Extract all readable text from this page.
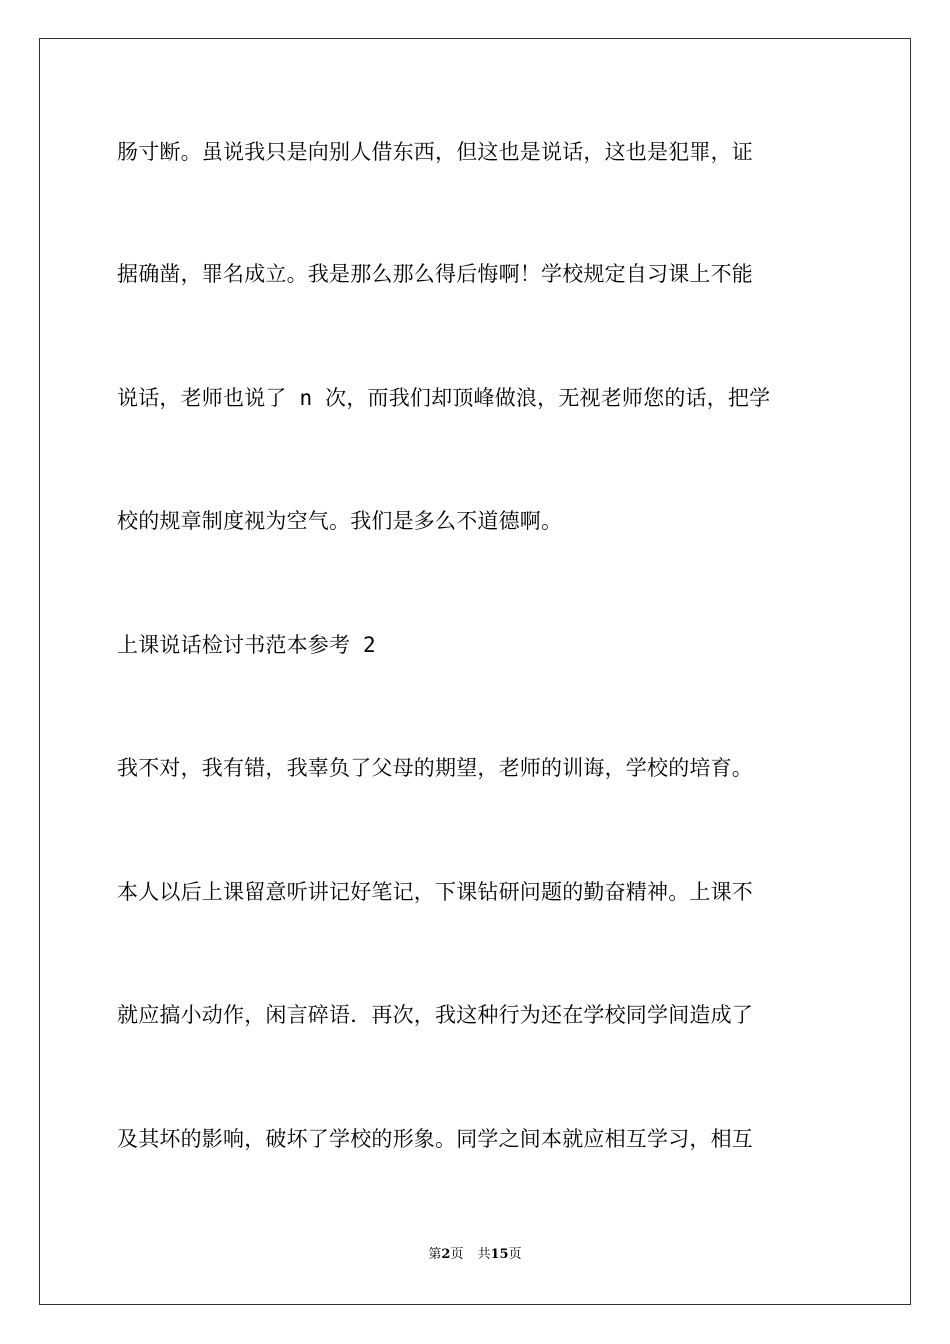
肠寸断。虽说我只是向别人借东西，但这也是说话，这也是犯罪，证
据确凿，罪名成立。我是那么那么得后悔啊！学校规定自习课上不能
说话，老师也说了 n 次，而我们却顶峰做浪，无视老师您的话，把学
校的规章制度视为空气。我们是多么不道德啊。
上课说话检讨书范本参考 2
我不对，我有错，我辜负了父母的期望，老师的训诲，学校的培育。
本人以后上课留意听讲记好笔记，下课钻研问题的勤奋精神。上课不
就应搞小动作，闲言碎语．再次，我这种行为还在学校同学间造成了
及其坏的影响，破坏了学校的形象。同学之间本就应相互学习，相互
第2页 共15页
